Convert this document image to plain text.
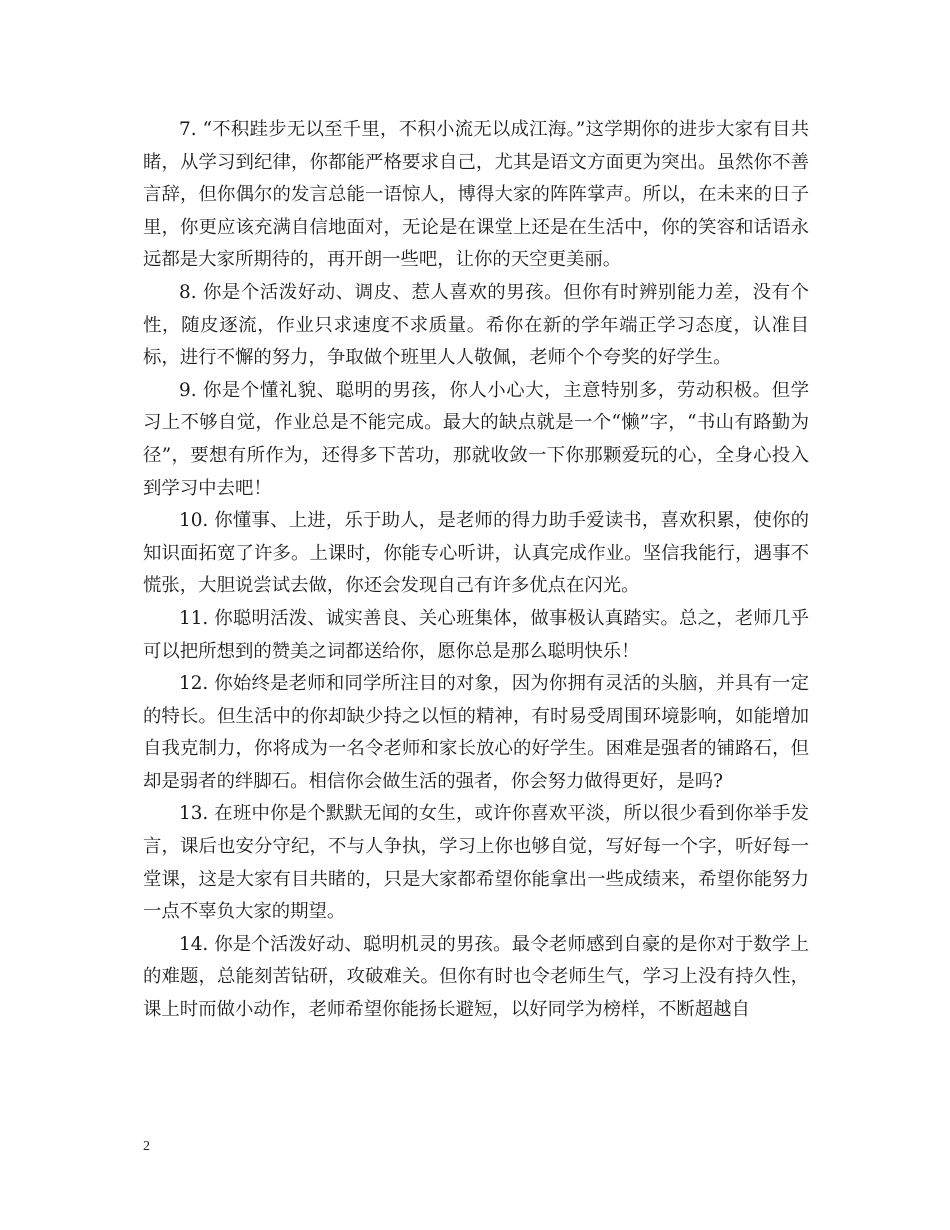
7. “不积跬步无以至千里，不积小流无以成江海。”这学期你的进步大家有目共睹，从学习到纪律，你都能严格要求自己，尤其是语文方面更为突出。虽然你不善言辞，但你偶尔的发言总能一语惊人，博得大家的阵阵掌声。所以，在未来的日子里，你更应该充满自信地面对，无论是在课堂上还是在生活中，你的笑容和话语永远都是大家所期待的，再开朗一些吧，让你的天空更美丽。

8. 你是个活泼好动、调皮、惹人喜欢的男孩。但你有时辨别能力差，没有个性，随皮逐流，作业只求速度不求质量。希你在新的学年端正学习态度，认准目标，进行不懈的努力，争取做个班里人人敬佩，老师个个夸奖的好学生。

9. 你是个懂礼貌、聪明的男孩，你人小心大，主意特别多，劳动积极。但学习上不够自觉，作业总是不能完成。最大的缺点就是一个“懒”字，“书山有路勤为径”，要想有所作为，还得多下苦功，那就收敛一下你那颗爱玩的心，全身心投入到学习中去吧！

10. 你懂事、上进，乐于助人，是老师的得力助手爱读书，喜欢积累，使你的知识面拓宽了许多。上课时，你能专心听讲，认真完成作业。坚信我能行，遇事不慌张，大胆说尝试去做，你还会发现自己有许多优点在闪光。

11. 你聪明活泼、诚实善良、关心班集体，做事极认真踏实。总之，老师几乎可以把所想到的赞美之词都送给你，愿你总是那么聪明快乐！

12. 你始终是老师和同学所注目的对象，因为你拥有灵活的头脑，并具有一定的特长。但生活中的你却缺少持之以恒的精神，有时易受周围环境影响，如能增加自我克制力，你将成为一名令老师和家长放心的好学生。困难是强者的铺路石，但却是弱者的绊脚石。相信你会做生活的强者，你会努力做得更好，是吗?

13. 在班中你是个默默无闻的女生，或许你喜欢平淡，所以很少看到你举手发言，课后也安分守纪，不与人争执，学习上你也够自觉，写好每一个字，听好每一堂课，这是大家有目共睹的，只是大家都希望你能拿出一些成绩来，希望你能努力一点不辜负大家的期望。

14. 你是个活泼好动、聪明机灵的男孩。最令老师感到自豪的是你对于数学上的难题，总能刻苦钻研，攻破难关。但你有时也令老师生气，学习上没有持久性，课上时而做小动作，老师希望你能扬长避短，以好同学为榜样，不断超越自

2
